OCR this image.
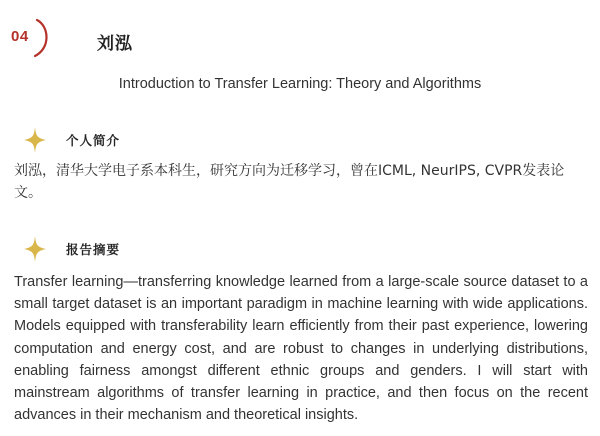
04	刘泓
Introduction to Transfer Learning: Theory and Algorithms
个人简介
刘泓，清华大学电子系本科生，研究方向为迁移学习，曾在ICML, NeurIPS, CVPR发表论文。
报告摘要
Transfer learning—transferring knowledge learned from a large-scale source dataset to a small target dataset is an important paradigm in machine learning with wide applications. Models equipped with transferability learn efficiently from their past experience, lowering computation and energy cost, and are robust to changes in underlying distributions, enabling fairness amongst different ethnic groups and genders. I will start with mainstream algorithms of transfer learning in practice, and then focus on the recent advances in their mechanism and theoretical insights.
